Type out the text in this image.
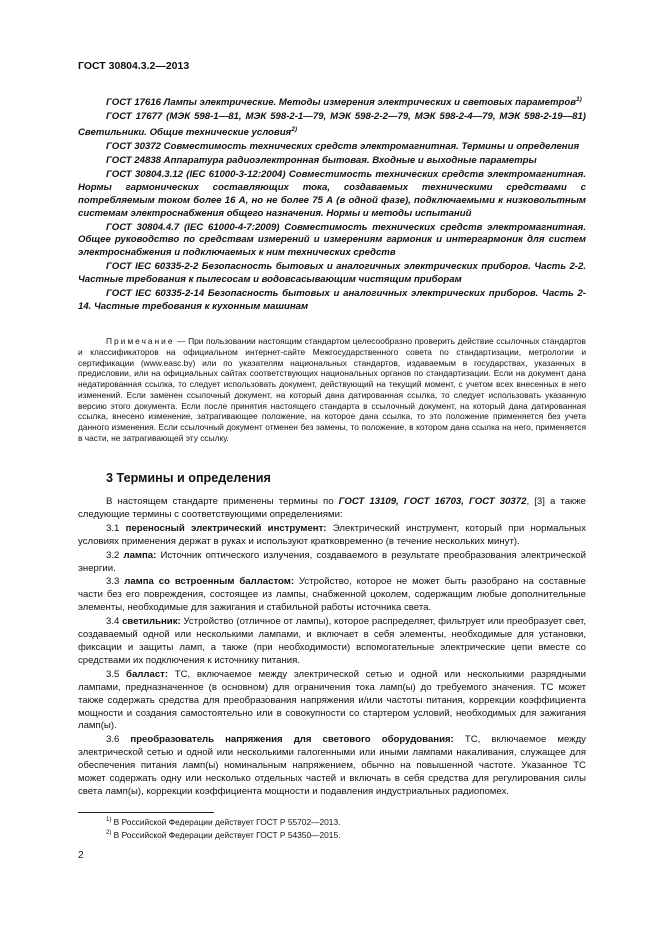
ГОСТ 30804.3.2—2013

ГОСТ 17616 Лампы электрические. Методы измерения электрических и световых параметров$^{1)}$

ГОСТ 17677 (МЭК 598-1—81, МЭК 598-2-1—79, МЭК 598-2-2—79, МЭК 598-2-4—79, МЭК 598-2-19—81) Светильники. Общие технические условия$^{2)}$

ГОСТ 30372 Совместимость технических средств электромагнитная. Термины и определения

ГОСТ 24838 Аппаратура радиоэлектронная бытовая. Входные и выходные параметры

ГОСТ 30804.3.12 (IEC 61000-3-12:2004) Совместимость технических средств электромагнитная. Нормы гармонических составляющих тока, создаваемых техническими средствами с потребляемым током более 16 А, но не более 75 А (в одной фазе), подключаемыми к низковольтным системам электроснабжения общего назначения. Нормы и методы испытаний

ГОСТ 30804.4.7 (IEC 61000-4-7:2009) Совместимость технических средств электромагнитная. Общее руководство по средствам измерений и измерениям гармоник и интергармоник для систем электроснабжения и подключаемых к ним технических средств

ГОСТ IEC 60335-2-2 Безопасность бытовых и аналогичных электрических приборов. Часть 2-2. Частные требования к пылесосам и водовсасывающим чистящим приборам

ГОСТ IEC 60335-2-14 Безопасность бытовых и аналогичных электрических приборов. Часть 2-14. Частные требования к кухонным машинам

Примечание — При пользовании настоящим стандартом целесообразно проверить действие ссылочных стандартов и классификаторов на официальном интернет-сайте Межгосударственного совета по стандартизации, метрологии и сертификации (www.easc.by) или по указателям национальных стандартов, издаваемым в государствах, указанных в предисловии, или на официальных сайтах соответствующих национальных органов по стандартизации. Если на документ дана недатированная ссылка, то следует использовать документ, действующий на текущий момент, с учетом всех внесенных в него изменений. Если заменен ссылочный документ, на который дана датированная ссылка, то следует использовать указанную версию этого документа. Если после принятия настоящего стандарта в ссылочный документ, на который дана датированная ссылка, внесено изменение, затрагивающее положение, на которое дана ссылка, то это положение применяется без учета данного изменения. Если ссылочный документ отменен без замены, то положение, в котором дана ссылка на него, применяется в части, не затрагивающей эту ссылку.

3 Термины и определения

В настоящем стандарте применены термины по ГОСТ 13109, ГОСТ 16703, ГОСТ 30372, [3] а также следующие термины с соответствующими определениями:

3.1 переносный электрический инструмент: Электрический инструмент, который при нормальных условиях применения держат в руках и используют кратковременно (в течение нескольких минут).

3.2 лампа: Источник оптического излучения, создаваемого в результате преобразования электрической энергии.

3.3 лампа со встроенным балластом: Устройство, которое не может быть разобрано на составные части без его повреждения, состоящее из лампы, снабженной цоколем, содержащим любые дополнительные элементы, необходимые для зажигания и стабильной работы источника света.

3.4 светильник: Устройство (отличное от лампы), которое распределяет, фильтрует или преобразует свет, создаваемый одной или несколькими лампами, и включает в себя элементы, необходимые для установки, фиксации и защиты ламп, а также (при необходимости) вспомогательные электрические цепи вместе со средствами их подключения к источнику питания.

3.5 балласт: ТС, включаемое между электрической сетью и одной или несколькими разрядными лампами, предназначенное (в основном) для ограничения тока ламп(ы) до требуемого значения. ТС может также содержать средства для преобразования напряжения и/или частоты питания, коррекции коэффициента мощности и создания самостоятельно или в совокупности со стартером условий, необходимых для зажигания ламп(ы).

3.6 преобразователь напряжения для светового оборудования: ТС, включаемое между электрической сетью и одной или несколькими галогенными или иными лампами накаливания, служащее для обеспечения питания ламп(ы) номинальным напряжением, обычно на повышенной частоте. Указанное ТС может содержать одну или несколько отдельных частей и включать в себя средства для регулирования силы света ламп(ы), коррекции коэффициента мощности и подавления индустриальных радиопомех.

$^{1)}$ В Российской Федерации действует ГОСТ Р 55702—2013.
$^{2)}$ В Российской Федерации действует ГОСТ Р 54350—2015.
2
